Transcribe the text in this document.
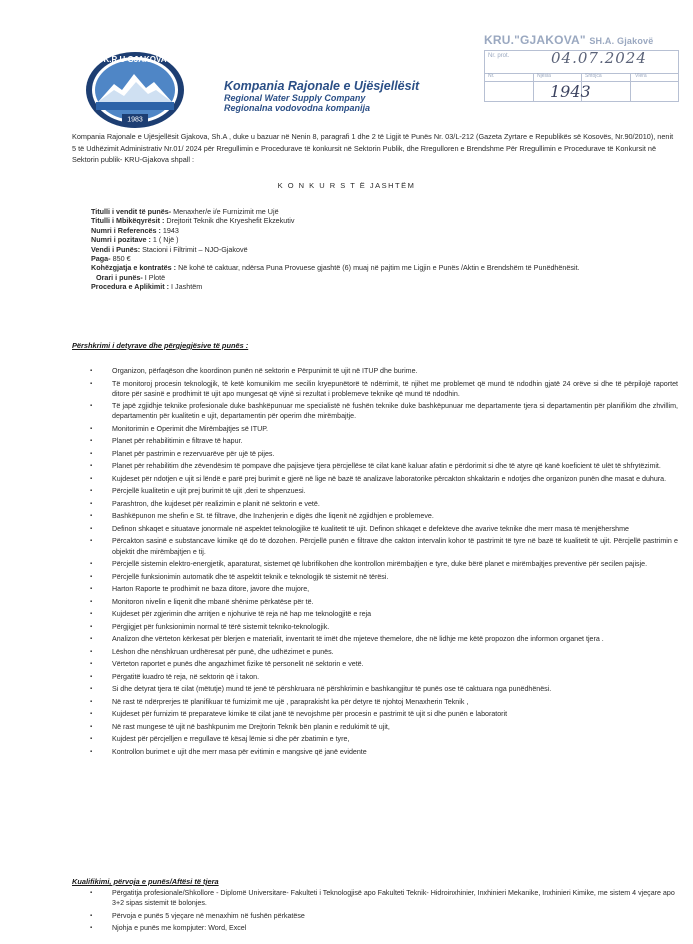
K.R.U GJAKOVA
1983
Kompania Rajonale e Ujësjellësit
Regional Water Supply Company
Regionalna vodovodna kompanija
KRU."GJAKOVA" SH.A. Gjakovë
Nr. prot.	04.07.2024
Nr.	Njësia	Shtojca	Vlera
1943
Kompania Rajonale e Ujësjellësit Gjakova, Sh.A , duke u bazuar në Nenin 8, paragrafi 1 dhe 2 të Ligjit të Punës Nr. 03/L-212 (Gazeta Zyrtare e Republikës së Kosovës, Nr.90/2010), nenit 5 të Udhëzimit Administrativ Nr.01/ 2024 për Rregullimin e Procedurave të konkursit në Sektorin Publik, dhe Rregulloren e Brendshme Për Rregullimin e Procedurave të Konkursit në Sektorin publik- KRU-Gjakova shpall :
K O N K U R S T Ë JASHTËM
Titulli i vendit të punës- Menaxher/e i/e Furnizimit me Ujë
Titulli i Mbikëqyrësit : Drejtorit Teknik dhe Kryeshefit Ekzekutiv
Numri i Referencës : 1943
Numri i pozitave : 1 ( Një )
Vendi i Punës: Stacioni i Filtrimit – NJO-Gjakovë
Paga- 850 €
Kohëzgjatja e kontratës : Në kohë të caktuar, ndërsa Puna Provuese gjashtë (6) muaj në pajtim me Ligjin e Punës /Aktin e Brendshëm të Punëdhënësit.
Orari i punës- I Plotë
Procedura e Aplikimit : I Jashtëm
Përshkrimi i detyrave dhe përgjegjësive të punës :
▪	Organizon, përfaqëson dhe koordinon punën në sektorin e Përpunimit të ujit në ITUP dhe burime.
▪	Të monitoroj procesin teknologjik, të ketë komunikim me secilin kryepunëtorë të ndërrimit, të njihet me problemet që mund të ndodhin gjatë 24 orëve si dhe të përpilojë raportet ditore për sasinë e prodhimit të ujit apo mungesat që vijnë si rezultat i problemeve teknike që mund të ndodhin.
▪	Të japë zgjidhje teknike profesionale duke bashkëpunuar me specialistë në fushën teknike duke bashkëpunuar me departamente tjera si departamentin për planifikim dhe zhvillim, departamentin për kualitetin e ujit, departamentin për operim dhe mirëmbajtje.
▪	Monitorimin e Operimit dhe Mirëmbajtjes së ITUP.
▪	Planet për rehabilitimin e filtrave të hapur.
▪	Planet për pastrimin e rezervuarëve për ujë të pijes.
▪	Planet për rehabilitim dhe zëvendësim të pompave dhe pajisjeve tjera përcjellëse të cilat kanë kaluar afatin e përdorimit si dhe të atyre që kanë koeficient të ulët të shfrytëzimit.
▪	Kujdeset për ndotjen e ujit si lëndë e parë prej burimit e gjerë në lige në bazë të analizave laboratorike përcakton shkaktarin e ndotjes dhe organizon punën dhe masat e duhura.
▪	Përcjellë kualitetin e ujit prej burimit të ujit ,deri te shpenzuesi.
▪	Parashtron, dhe kujdeset për realizimin e planit në sektorin e vetë.
▪	Bashkëpunon me shefin e St. të filtrave, dhe Inzhenjerin e digës dhe liqenit në zgjidhjen e problemeve.
▪	Definon shkaqet e situatave jonormale në aspektet teknologjike të kualitetit të ujit. Definon shkaqet e defekteve dhe avarive teknike dhe merr masa të menjëhershme
▪	Përcakton sasinë e substancave kimike që do të dozohen. Përcjellë punën e filtrave dhe cakton intervalin kohor të pastrimit të tyre në bazë të kualitetit të ujit. Përcjellë pastrimin e objektit dhe mirëmbajtjen e tij.
▪	Përcjellë sistemin elektro-energjetik, aparaturat, sistemet që lubrifikohen dhe kontrollon mirëmbajtjen e tyre, duke bërë planet e mirëmbajtjes preventive për secilen pajisje.
▪	Përcjellë funksionimin automatik dhe të aspektit teknik e teknologjik të sistemit në tërësi.
▪	Harton Raporte te prodhimit ne baza ditore, javore dhe mujore,
▪	Monitoron nivelin e liqenit dhe mbanë shënime përkatëse për të.
▪	Kujdeset për zgjerimin dhe arritjen e njohurive të reja në hap me teknologjitë e reja
▪	Përgjigjet për funksionimin normal të tërë sistemit tekniko-teknologjik.
▪	Analizon dhe vërteton kërkesat për blerjen e materialit, inventarit të imët dhe mjeteve themelore, dhe në lidhje me këtë propozon dhe informon organet tjera .
▪	Lëshon dhe nënshkruan urdhëresat për punë, dhe udhëzimet e punës.
▪	Vërteton raportet e punës dhe angazhimet fizike të personelit në sektorin e vetë.
▪	Përgatitë kuadro të reja, në sektorin që i takon.
▪	Si dhe detyrat tjera të cilat (mëtutje) mund të jenë të përshkruara në përshkrimin e bashkangjitur të punës ose të caktuara nga punëdhënësi.
▪	Në rast të ndërprerjes të planifikuar të furnizimit me ujë , paraprakisht ka për detyre të njohtoj Menaxherin Teknik ,
▪	Kujdeset për furnizim të preparateve kimike të cilat janë të nevojshme për procesin e pastrimit të ujit si dhe punën e laboratorit
▪	Në rast mungese të ujit në bashkpunim me Drejtorin Teknik bën planin e redukimit të ujit,
▪	Kujdest për përcjelljen e rregullave të kësaj lëmie si dhe për zbatimin e tyre,
▪	Kontrollon burimet e ujit dhe merr masa për evitimin e mangsive që janë evidente
Kualifikimi, përvoja e punës/Aftësi të tjera
▪	Përgatitja profesionale/Shkollore - Diplomë Universitare- Fakulteti i Teknologjisë apo Fakulteti Teknik- Hidroinxhinier, Inxhinieri Mekanike, Inxhinieri Kimike, me sistem 4 vjeçare apo 3+2 sipas sistemit të bolonjes.
▪	Përvoja e punës 5 vjeçare në menaxhim në fushën përkatëse
▪	Njohja e punës me kompjuter: Word, Excel
